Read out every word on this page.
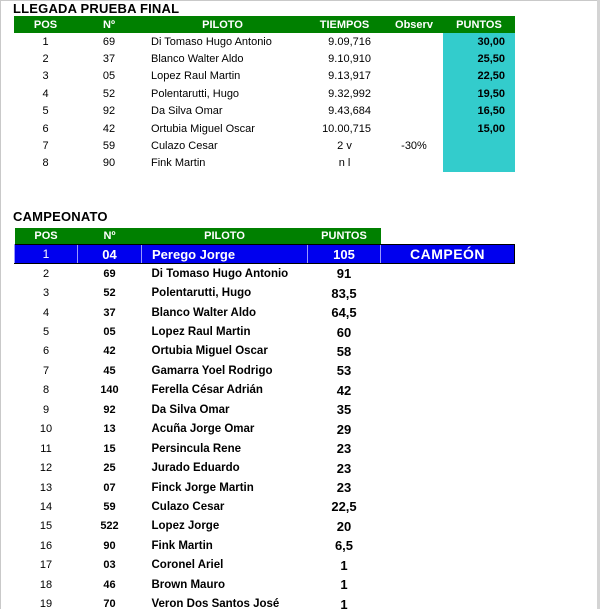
LLEGADA PRUEBA FINAL
POS	Nº	PILOTO	TIEMPOS	Observ	PUNTOS
1	69	Di Tomaso Hugo Antonio	9.09,716		30,00
2	37	Blanco Walter Aldo	9.10,910		25,50
3	05	Lopez Raul Martin	9.13,917		22,50
4	52	Polentarutti, Hugo	9.32,992		19,50
5	92	Da Silva Omar	9.43,684		16,50
6	42	Ortubia Miguel Oscar	10.00,715		15,00
7	59	Culazo Cesar	2 v	-30%	
8	90	Fink Martin	n l		
CAMPEONATO
POS	Nº	PILOTO	PUNTOS	
1	04	Perego Jorge	105	CAMPEÓN
2	69	Di Tomaso Hugo Antonio	91	
3	52	Polentarutti, Hugo	83,5	
4	37	Blanco Walter Aldo	64,5	
5	05	Lopez Raul Martin	60	
6	42	Ortubia Miguel Oscar	58	
7	45	Gamarra Yoel Rodrigo	53	
8	140	Ferella César Adrián	42	
9	92	Da Silva Omar	35	
10	13	Acuña Jorge Omar	29	
11	15	Persincula Rene	23	
12	25	Jurado Eduardo	23	
13	07	Finck Jorge Martin	23	
14	59	Culazo Cesar	22,5	
15	522	Lopez Jorge	20	
16	90	Fink Martin	6,5	
17	03	Coronel Ariel	1	
18	46	Brown Mauro	1	
19	70	Veron Dos Santos José	1	
